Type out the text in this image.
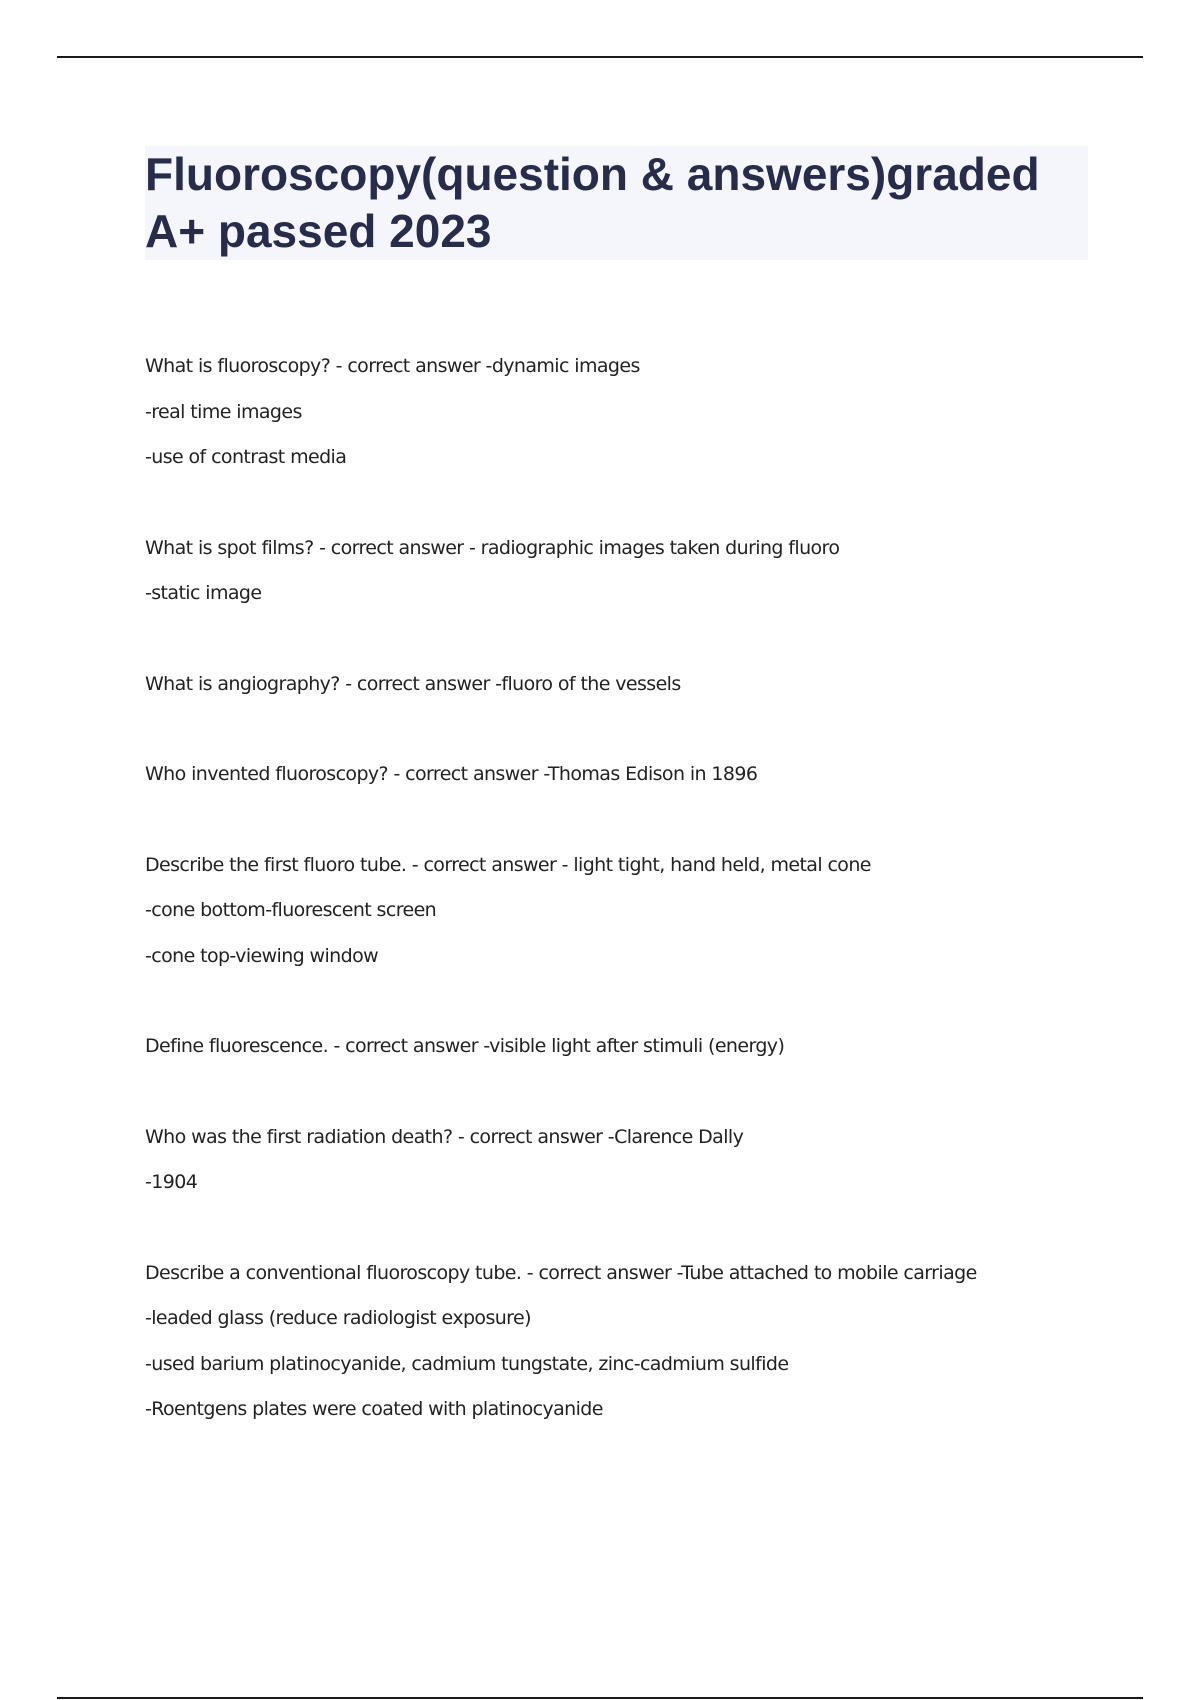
Fluoroscopy(question & answers)graded A+ passed 2023
What is fluoroscopy? - correct answer -dynamic images
-real time images
-use of contrast media
What is spot films? - correct answer - radiographic images taken during fluoro
-static image
What is angiography? - correct answer -fluoro of the vessels
Who invented fluoroscopy? - correct answer -Thomas Edison in 1896
Describe the first fluoro tube. - correct answer - light tight, hand held, metal cone
-cone bottom-fluorescent screen
-cone top-viewing window
Define fluorescence. - correct answer -visible light after stimuli (energy)
Who was the first radiation death? - correct answer -Clarence Dally
-1904
Describe a conventional fluoroscopy tube. - correct answer -Tube attached to mobile carriage
-leaded glass (reduce radiologist exposure)
-used barium platinocyanide, cadmium tungstate, zinc-cadmium sulfide
-Roentgens plates were coated with platinocyanide
